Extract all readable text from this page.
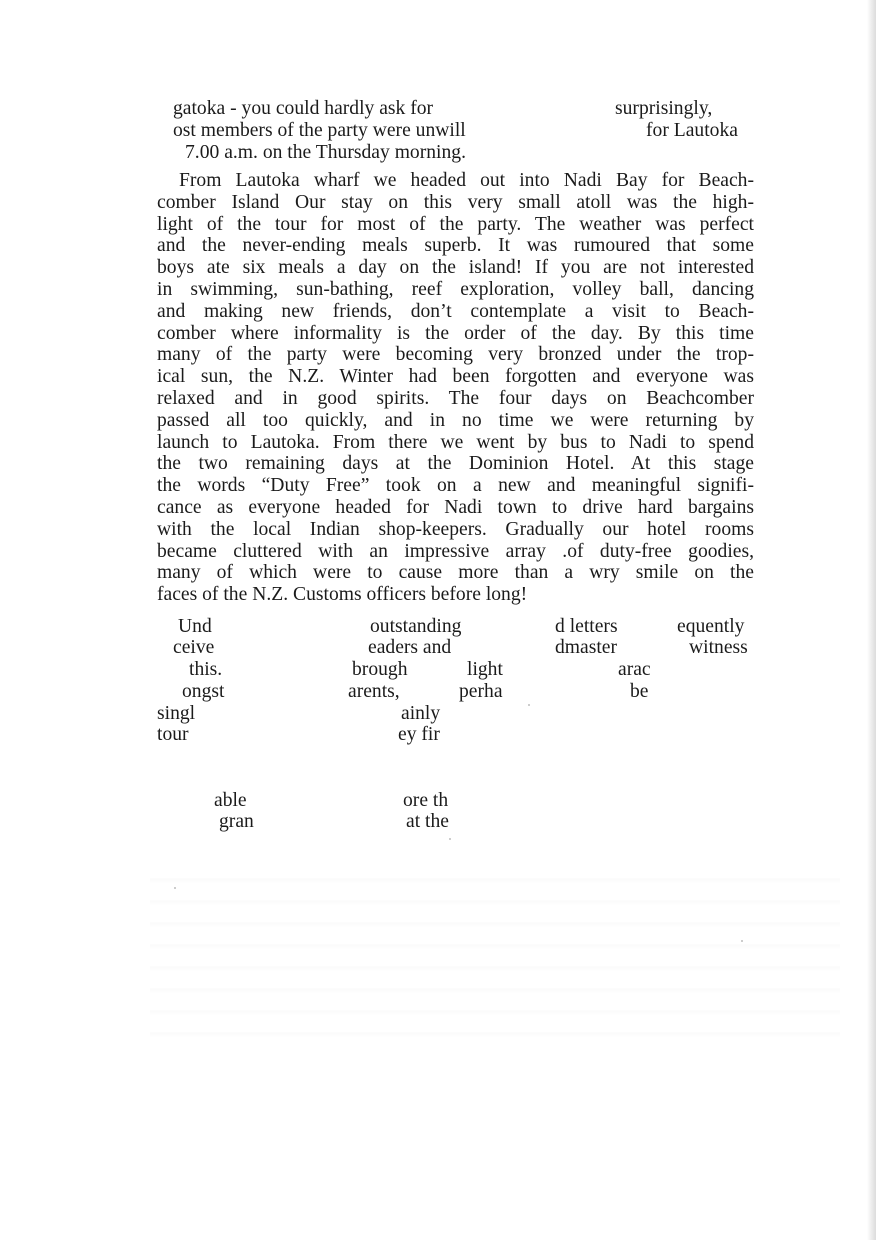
gatoka - you could hardly ask for
ost members of the party were unwill
7.00 a.m. on the Thursday morning.
surprisingly,
for Lautoka
From Lautoka wharf we headed out into Nadi Bay for Beach-
comber Island Our stay on this very small atoll was the high-
light of the tour for most of the party. The weather was perfect
and the never-ending meals superb. It was rumoured that some
boys ate six meals a day on the island! If you are not interested
in swimming, sun-bathing, reef exploration, volley ball, dancing
and making new friends, don’t contemplate a visit to Beach-
comber where informality is the order of the day. By this time
many of the party were becoming very bronzed under the trop-
ical sun, the N.Z. Winter had been forgotten and everyone was
relaxed and in good spirits. The four days on Beachcomber
passed all too quickly, and in no time we were returning by
launch to Lautoka. From there we went by bus to Nadi to spend
the two remaining days at the Dominion Hotel. At this stage
the words “Duty Free” took on a new and meaningful signifi-
cance as everyone headed for Nadi town to drive hard bargains
with the local Indian shop-keepers. Gradually our hotel rooms
became cluttered with an impressive array .of duty-free goodies,
many of which were to cause more than a wry smile on the
faces of the N.Z. Customs officers before long!
Und	outstanding	d letters	equently
ceive	eaders and	dmaster	witness
this.	brough	light	arac
ongst	arents,	perha	be
singl	ainly
tour	ey fir
able	ore th
gran	at the
